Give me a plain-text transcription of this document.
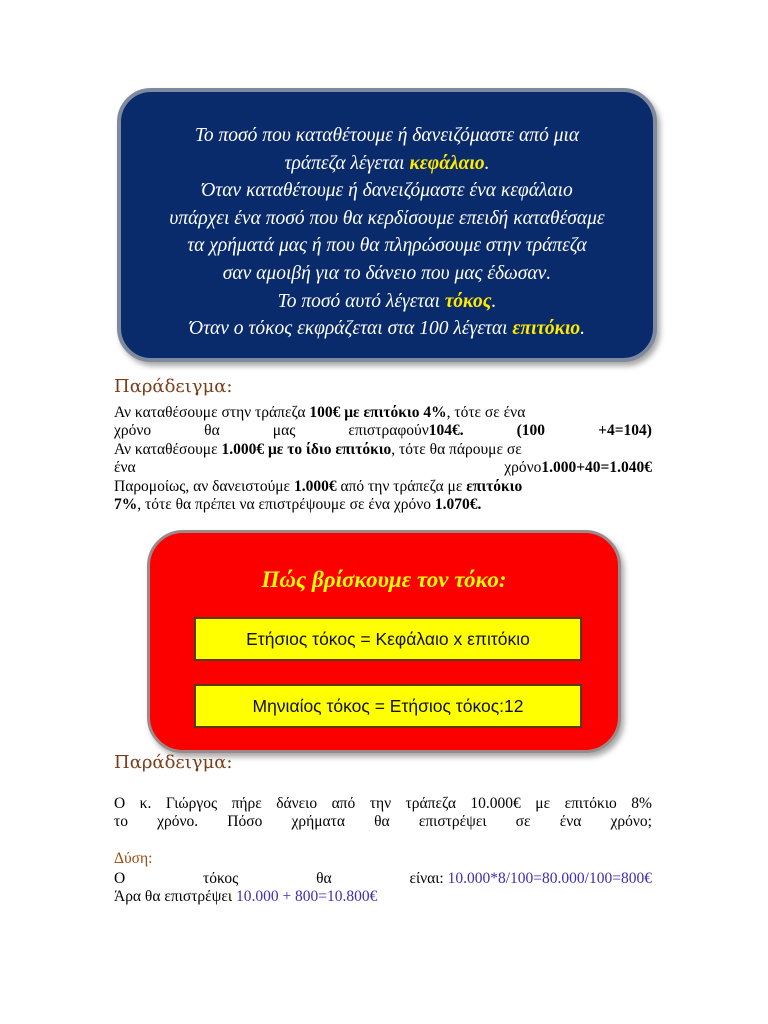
Το ποσό που καταθέτουμε ή δανειζόμαστε από μια
τράπεζα λέγεται κεφάλαιο.
Όταν καταθέτουμε ή δανειζόμαστε ένα κεφάλαιο
υπάρχει ένα ποσό που θα κερδίσουμε επειδή καταθέσαμε
τα χρήματά μας ή που θα πληρώσουμε στην τράπεζα
σαν αμοιβή για το δάνειο που μας έδωσαν.
Το ποσό αυτό λέγεται τόκος.
Όταν ο τόκος εκφράζεται στα 100 λέγεται επιτόκιο.
Παράδειγμα:
Αν καταθέσουμε στην τράπεζα 100€ με επιτόκιο 4%, τότε σε ένα
χρόνο	θα	μας	επιστραφούν104€.	(100	+4=104)
Αν καταθέσουμε 1.000€ με το ίδιο επιτόκιο, τότε θα πάρουμε σε
ένα	χρόνο1.000+40=1.040€
Παρομοίως, αν δανειστούμε 1.000€ από την τράπεζα με επιτόκιο
7%, τότε θα πρέπει να επιστρέψουμε σε ένα χρόνο 1.070€.
Πώς βρίσκουμε τον τόκο:
Ετήσιος τόκος = Κεφάλαιο x επιτόκιο
Μηνιαίος τόκος = Ετήσιος τόκος:12
Παράδειγμα:
Ο κ. Γιώργος πήρε δάνειο από την τράπεζα 10.000€ με επιτόκιο 8%
το χρόνο. Πόσο χρήματα θα επιστρέψει σε ένα χρόνο;
Δύση:
Ο	τόκος	θα	είναι: 10.000*8/100=80.000/100=800€
Άρα θα επιστρέψει 10.000 + 800=10.800€
